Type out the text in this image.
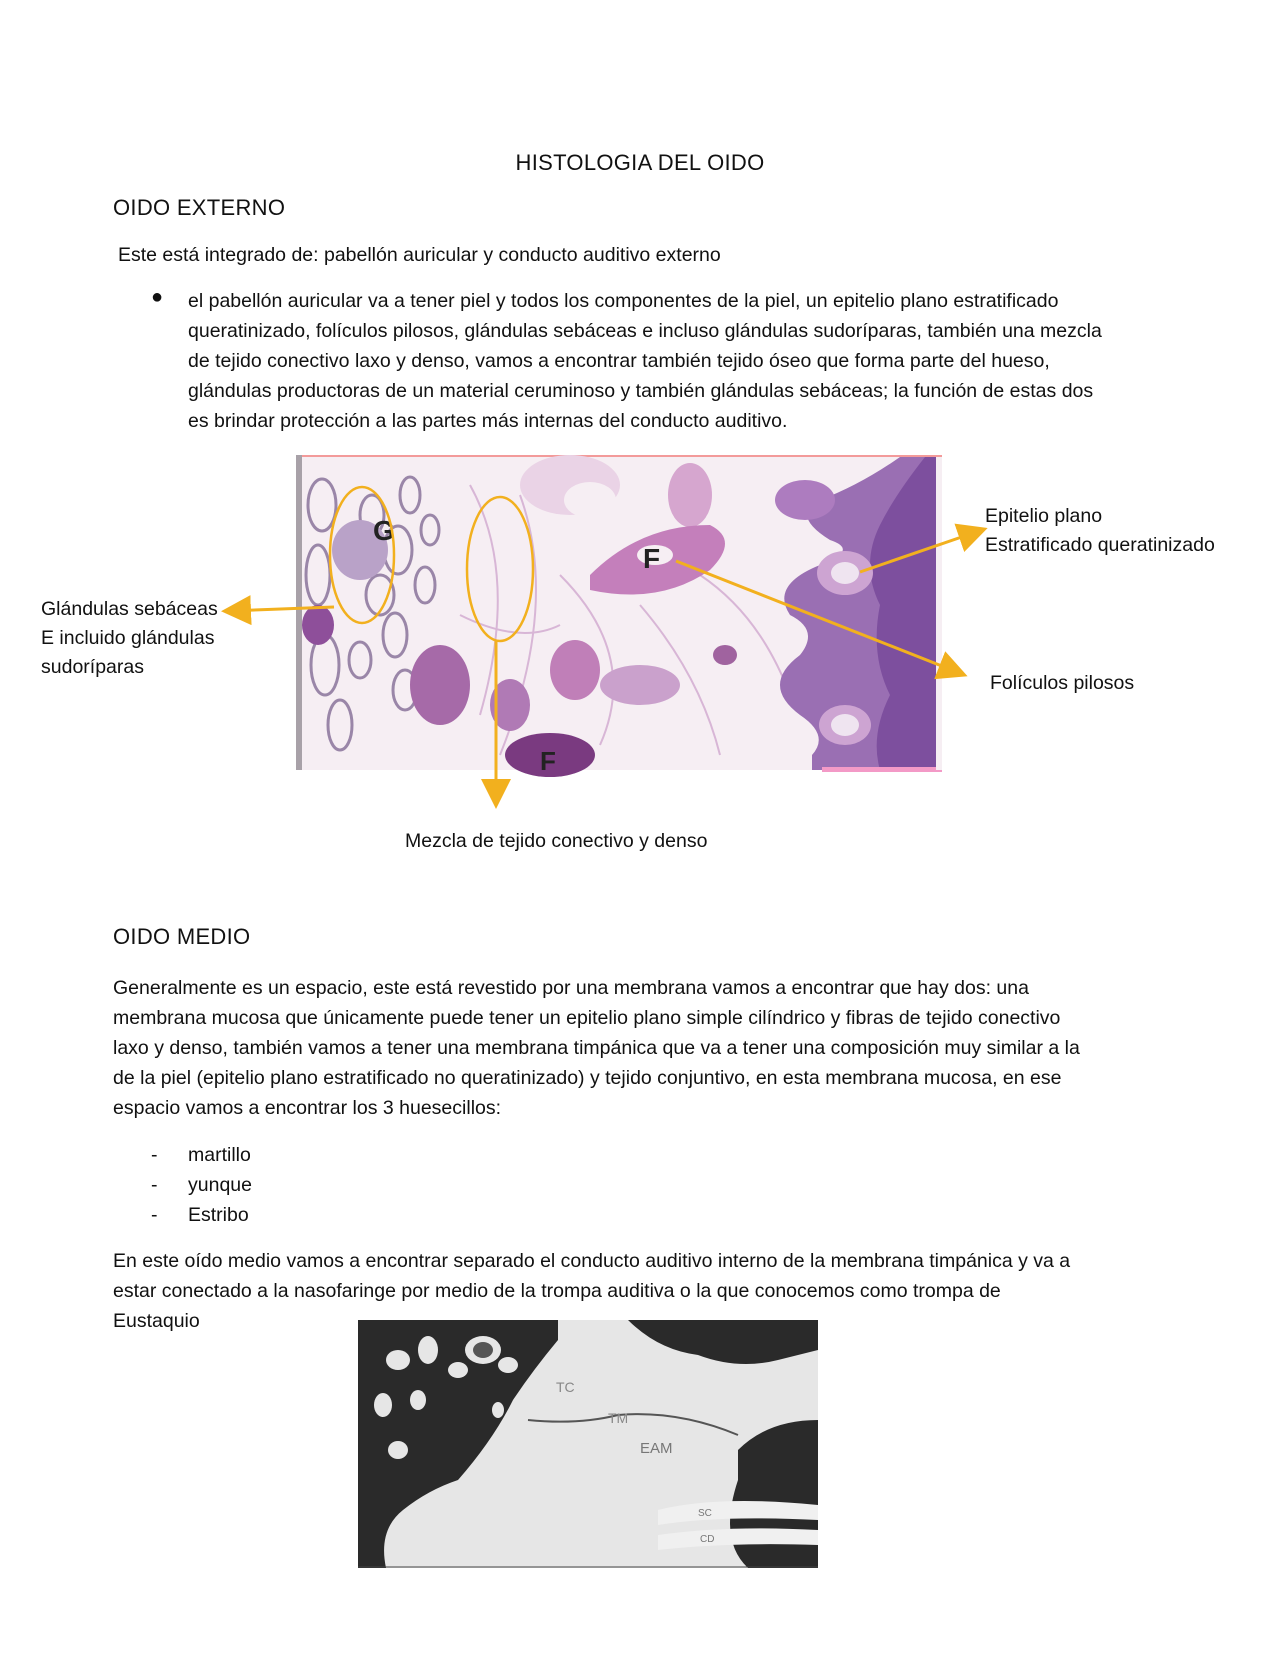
HISTOLOGIA DEL OIDO
OIDO EXTERNO
Este está integrado de: pabellón auricular y conducto auditivo externo
● el pabellón auricular va a tener piel y todos los componentes de la piel, un epitelio plano estratificado
queratinizado, folículos pilosos, glándulas sebáceas e incluso glándulas sudoríparas, también una mezcla
de tejido conectivo laxo y denso, vamos a encontrar también tejido óseo que forma parte del hueso,
glándulas productoras de un material ceruminoso y también glándulas sebáceas; la función de estas dos
es brindar protección a las partes más internas del conducto auditivo.
G
F
F
Glándulas sebáceas
E incluido glándulas
sudoríparas
Epitelio plano
Estratificado queratinizado
Folículos pilosos
Mezcla de tejido conectivo y denso
OIDO MEDIO
Generalmente es un espacio, este está revestido por una membrana vamos a encontrar que hay dos: una
membrana mucosa que únicamente puede tener un epitelio plano simple cilíndrico y fibras de tejido conectivo
laxo y denso, también vamos a tener una membrana timpánica que va a tener una composición muy similar a la
de la piel (epitelio plano estratificado no queratinizado) y tejido conjuntivo, en esta membrana mucosa, en ese
espacio vamos a encontrar los 3 huesecillos:
- martillo
- yunque
- Estribo
En este oído medio vamos a encontrar separado el conducto auditivo interno de la membrana timpánica y va a
estar conectado a la nasofaringe por medio de la trompa auditiva o la que conocemos como trompa de
Eustaquio
TC
TM
EAM
SC
CD
